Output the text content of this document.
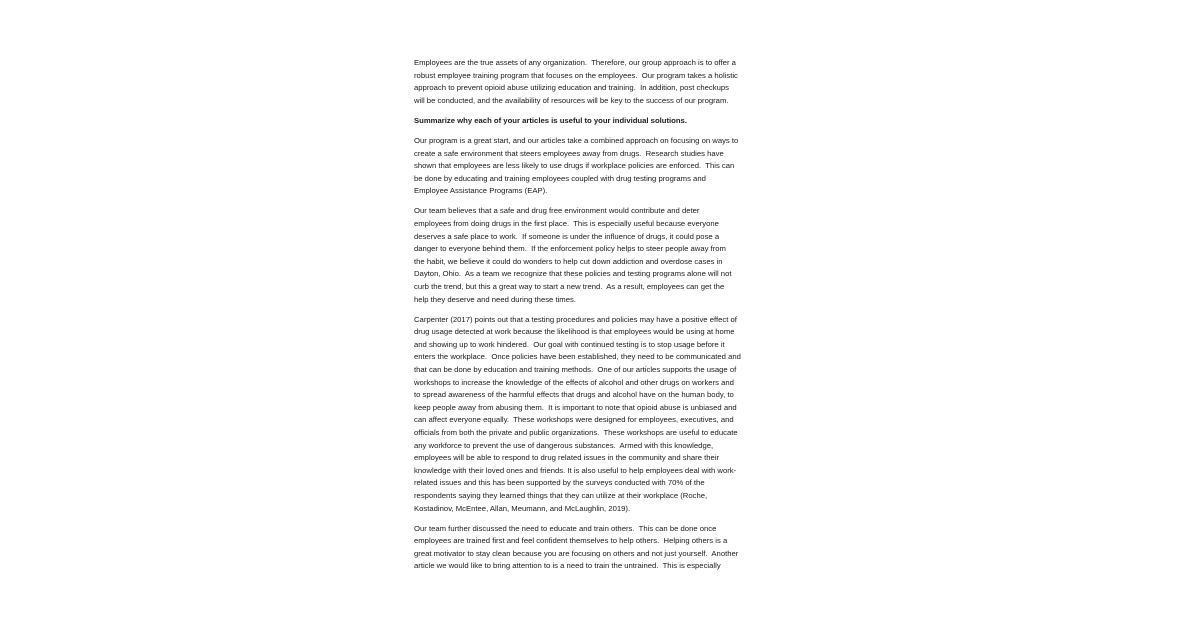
Employees are the true assets of any organization.  Therefore, our group approach is to offer a
robust employee training program that focuses on the employees.  Our program takes a holistic
approach to prevent opioid abuse utilizing education and training.  In addition, post checkups
will be conducted, and the availability of resources will be key to the success of our program.

Summarize why each of your articles is useful to your individual solutions.

Our program is a great start, and our articles take a combined approach on focusing on ways to
create a safe environment that steers employees away from drugs.  Research studies have
shown that employees are less likely to use drugs if workplace policies are enforced.  This can
be done by educating and training employees coupled with drug testing programs and
Employee Assistance Programs (EAP).

Our team believes that a safe and drug free environment would contribute and deter
employees from doing drugs in the first place.  This is especially useful because everyone
deserves a safe place to work.  If someone is under the influence of drugs, it could pose a
danger to everyone behind them.  If the enforcement policy helps to steer people away from
the habit, we believe it could do wonders to help cut down addiction and overdose cases in
Dayton, Ohio.  As a team we recognize that these policies and testing programs alone will not
curb the trend, but this a great way to start a new trend.  As a result, employees can get the
help they deserve and need during these times.

Carpenter (2017) points out that a testing procedures and policies may have a positive effect of
drug usage detected at work because the likelihood is that employees would be using at home
and showing up to work hindered.  Our goal with continued testing is to stop usage before it
enters the workplace.  Once policies have been established, they need to be communicated and
that can be done by education and training methods.  One of our articles supports the usage of
workshops to increase the knowledge of the effects of alcohol and other drugs on workers and
to spread awareness of the harmful effects that drugs and alcohol have on the human body, to
keep people away from abusing them.  It is important to note that opioid abuse is unbiased and
can affect everyone equally.  These workshops were designed for employees, executives, and
officials from both the private and public organizations.  These workshops are useful to educate
any workforce to prevent the use of dangerous substances.  Armed with this knowledge,
employees will be able to respond to drug related issues in the community and share their
knowledge with their loved ones and friends. It is also useful to help employees deal with work-
related issues and this has been supported by the surveys conducted with 70% of the
respondents saying they learned things that they can utilize at their workplace (Roche,
Kostadinov, McEntee, Allan, Meumann, and McLaughlin, 2019).

Our team further discussed the need to educate and train others.  This can be done once
employees are trained first and feel confident themselves to help others.  Helping others is a
great motivator to stay clean because you are focusing on others and not just yourself.  Another
article we would like to bring attention to is a need to train the untrained.  This is especially
